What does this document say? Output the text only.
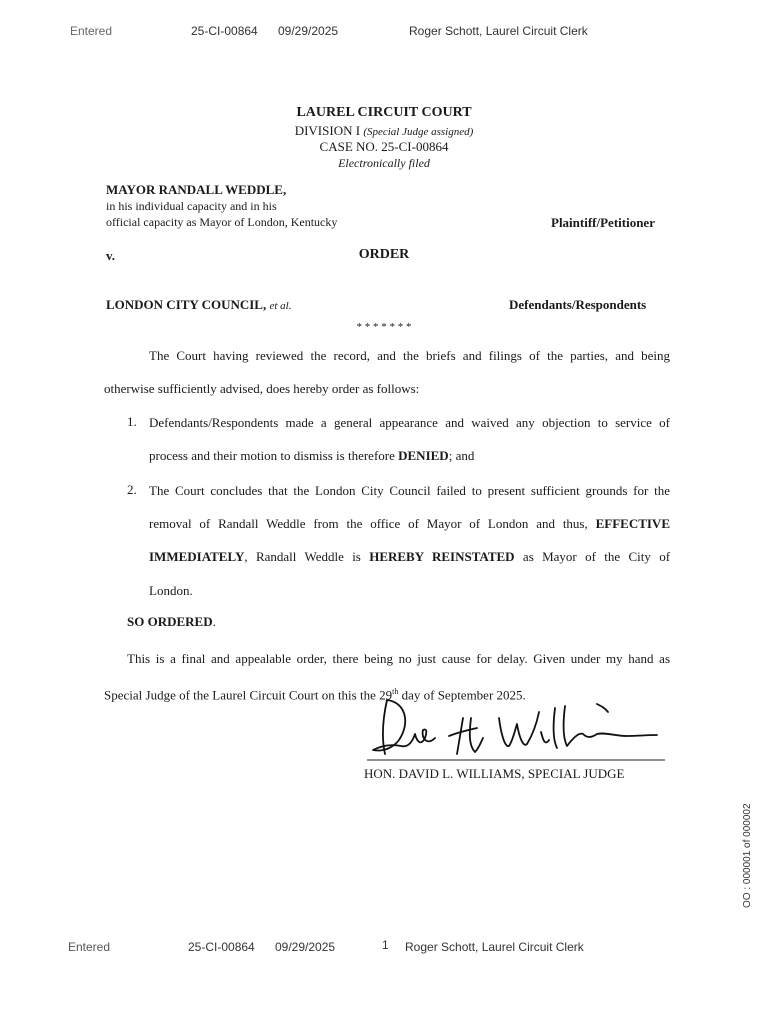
Entered	25-CI-00864 09/29/2025	Roger Schott, Laurel Circuit Clerk
LAUREL CIRCUIT COURT
DIVISION I (Special Judge assigned)
CASE NO. 25-CI-00864
Electronically filed
MAYOR RANDALL WEDDLE,
in his individual capacity and in his
official capacity as Mayor of London, Kentucky	Plaintiff/Petitioner
v.	ORDER
LONDON CITY COUNCIL, et al.	Defendants/Respondents
* * * * * * *
The Court having reviewed the record, and the briefs and filings of the parties, and being
otherwise sufficiently advised, does hereby order as follows:
1. Defendants/Respondents made a general appearance and waived any objection to service of
process and their motion to dismiss is therefore DENIED; and
2. The Court concludes that the London City Council failed to present sufficient grounds for the
removal of Randall Weddle from the office of Mayor of London and thus, EFFECTIVE
IMMEDIATELY, Randall Weddle is HEREBY REINSTATED as Mayor of the City of
London.
SO ORDERED.
This is a final and appealable order, there being no just cause for delay. Given under my hand as
Special Judge of the Laurel Circuit Court on this the 29th day of September 2025.
HON. DAVID L. WILLIAMS, SPECIAL JUDGE
OO : 000001 of 000002
Entered	25-CI-00864 09/29/2025	1 Roger Schott, Laurel Circuit Clerk
